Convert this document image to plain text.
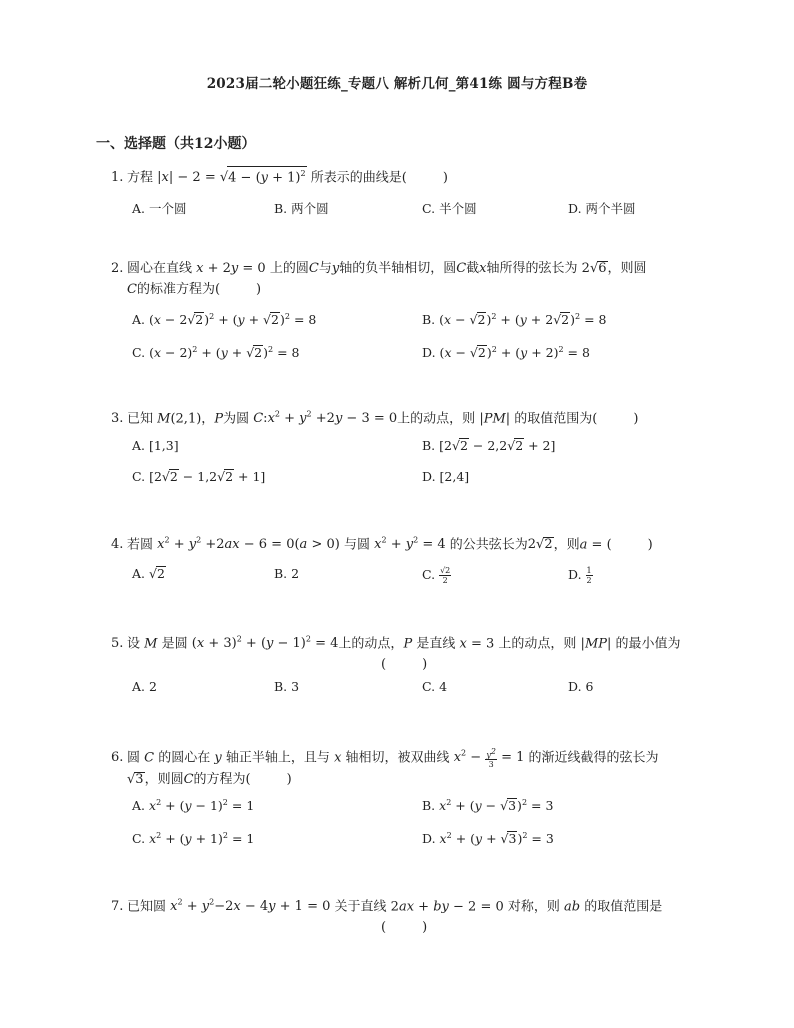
2023届二轮小题狂练_专题八 解析几何_第41练 圆与方程B卷
一、选择题（共12小题）
1. 方程 $|x| - 2 = √4 - (y + 1)^2$ 所表示的曲线是(	)
A. 一个圆	B. 两个圆	C. 半个圆	D. 两个半圆
2. 圆心在直线 x + 2y = 0 上的圆C与y轴的负半轴相切，圆C截x轴所得的弦长为 2√6，则圆
C的标准方程为(	)
A. $(x - 2√2)^2 + (y + √2)^2 = 8$	B. $(x - √2)^2 + (y + 2√2)^2 = 8$
C. $(x - 2)^2 + (y + √2)^2 = 8$	D. $(x - √2)^2 + (y + 2)^2 = 8$
3. 已知 M(2,1)，P为圆 $C:x^2 + y^2 +2y - 3 = 0$上的动点，则 |PM| 的取值范围为(	)
A. [1,3]	B. [2√2 − 2,2√2 + 2]
C. [2√2 − 1,2√2 + 1]	D. [2,4]
4. 若圆 $x^2 + y^2 +2ax - 6 = 0(a > 0)$ 与圆 $x^2 + y^2 = 4$ 的公共弦长为2√2，则a = (	)
A. √2	B. 2	C. $\frac{√2}{2}$	D. $\frac{1}{2}$
5. 设 M 是圆 $(x + 3)^2 + (y - 1)^2 = 4$上的动点，P 是直线 x = 3 上的动点，则 |MP| 的最小值为
(	)
A. 2	B. 3	C. 4	D. 6
6. 圆 C 的圆心在 y 轴正半轴上，且与 x 轴相切，被双曲线 $x^2 - \frac{y^2}{3} = 1$ 的渐近线截得的弦长为
√3，则圆C的方程为(	)
A. $x^2 + (y - 1)^2 = 1$	B. $x^2 + (y - √3)^2 = 3$
C. $x^2 + (y + 1)^2 = 1$	D. $x^2 + (y + √3)^2 = 3$
7. 已知圆 $x^2 + y^2-2x - 4y + 1 = 0$ 关于直线 2ax + by − 2 = 0 对称，则 ab 的取值范围是
(	)
